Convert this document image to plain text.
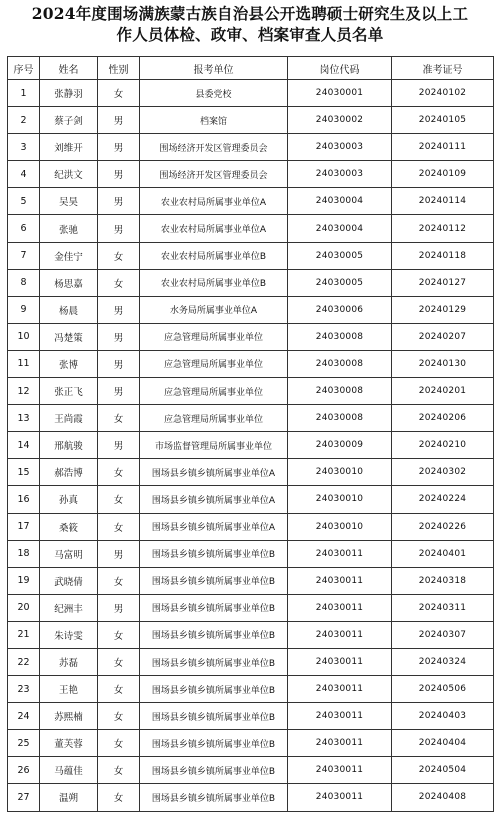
2024年度围场满族蒙古族自治县公开选聘硕士研究生及以上工
作人员体检、政审、档案审查人员名单
序号	姓名	性别	报考单位	岗位代码	准考证号
1	张静羽	女	县委党校	24030001	20240102
2	蔡子剑	男	档案馆	24030002	20240105
3	刘维开	男	围场经济开发区管理委员会	24030003	20240111
4	纪洪文	男	围场经济开发区管理委员会	24030003	20240109
5	吴昊	男	农业农村局所属事业单位A	24030004	20240114
6	张驰	男	农业农村局所属事业单位A	24030004	20240112
7	金佳宁	女	农业农村局所属事业单位B	24030005	20240118
8	杨思嘉	女	农业农村局所属事业单位B	24030005	20240127
9	杨晨	男	水务局所属事业单位A	24030006	20240129
10	冯楚策	男	应急管理局所属事业单位	24030008	20240207
11	张博	男	应急管理局所属事业单位	24030008	20240130
12	张正飞	男	应急管理局所属事业单位	24030008	20240201
13	王尚霞	女	应急管理局所属事业单位	24030008	20240206
14	邢航骏	男	市场监督管理局所属事业单位	24030009	20240210
15	郝浩博	女	围场县乡镇乡镇所属事业单位A	24030010	20240302
16	孙真	女	围场县乡镇乡镇所属事业单位A	24030010	20240224
17	桑筱	女	围场县乡镇乡镇所属事业单位A	24030010	20240226
18	马富明	男	围场县乡镇乡镇所属事业单位B	24030011	20240401
19	武晓倩	女	围场县乡镇乡镇所属事业单位B	24030011	20240318
20	纪洲丰	男	围场县乡镇乡镇所属事业单位B	24030011	20240311
21	朱诗雯	女	围场县乡镇乡镇所属事业单位B	24030011	20240307
22	苏磊	女	围场县乡镇乡镇所属事业单位B	24030011	20240324
23	王艳	女	围场县乡镇乡镇所属事业单位B	24030011	20240506
24	苏熙楠	女	围场县乡镇乡镇所属事业单位B	24030011	20240403
25	董芙蓉	女	围场县乡镇乡镇所属事业单位B	24030011	20240404
26	马蕴佳	女	围场县乡镇乡镇所属事业单位B	24030011	20240504
27	温朔	女	围场县乡镇乡镇所属事业单位B	24030011	20240408
